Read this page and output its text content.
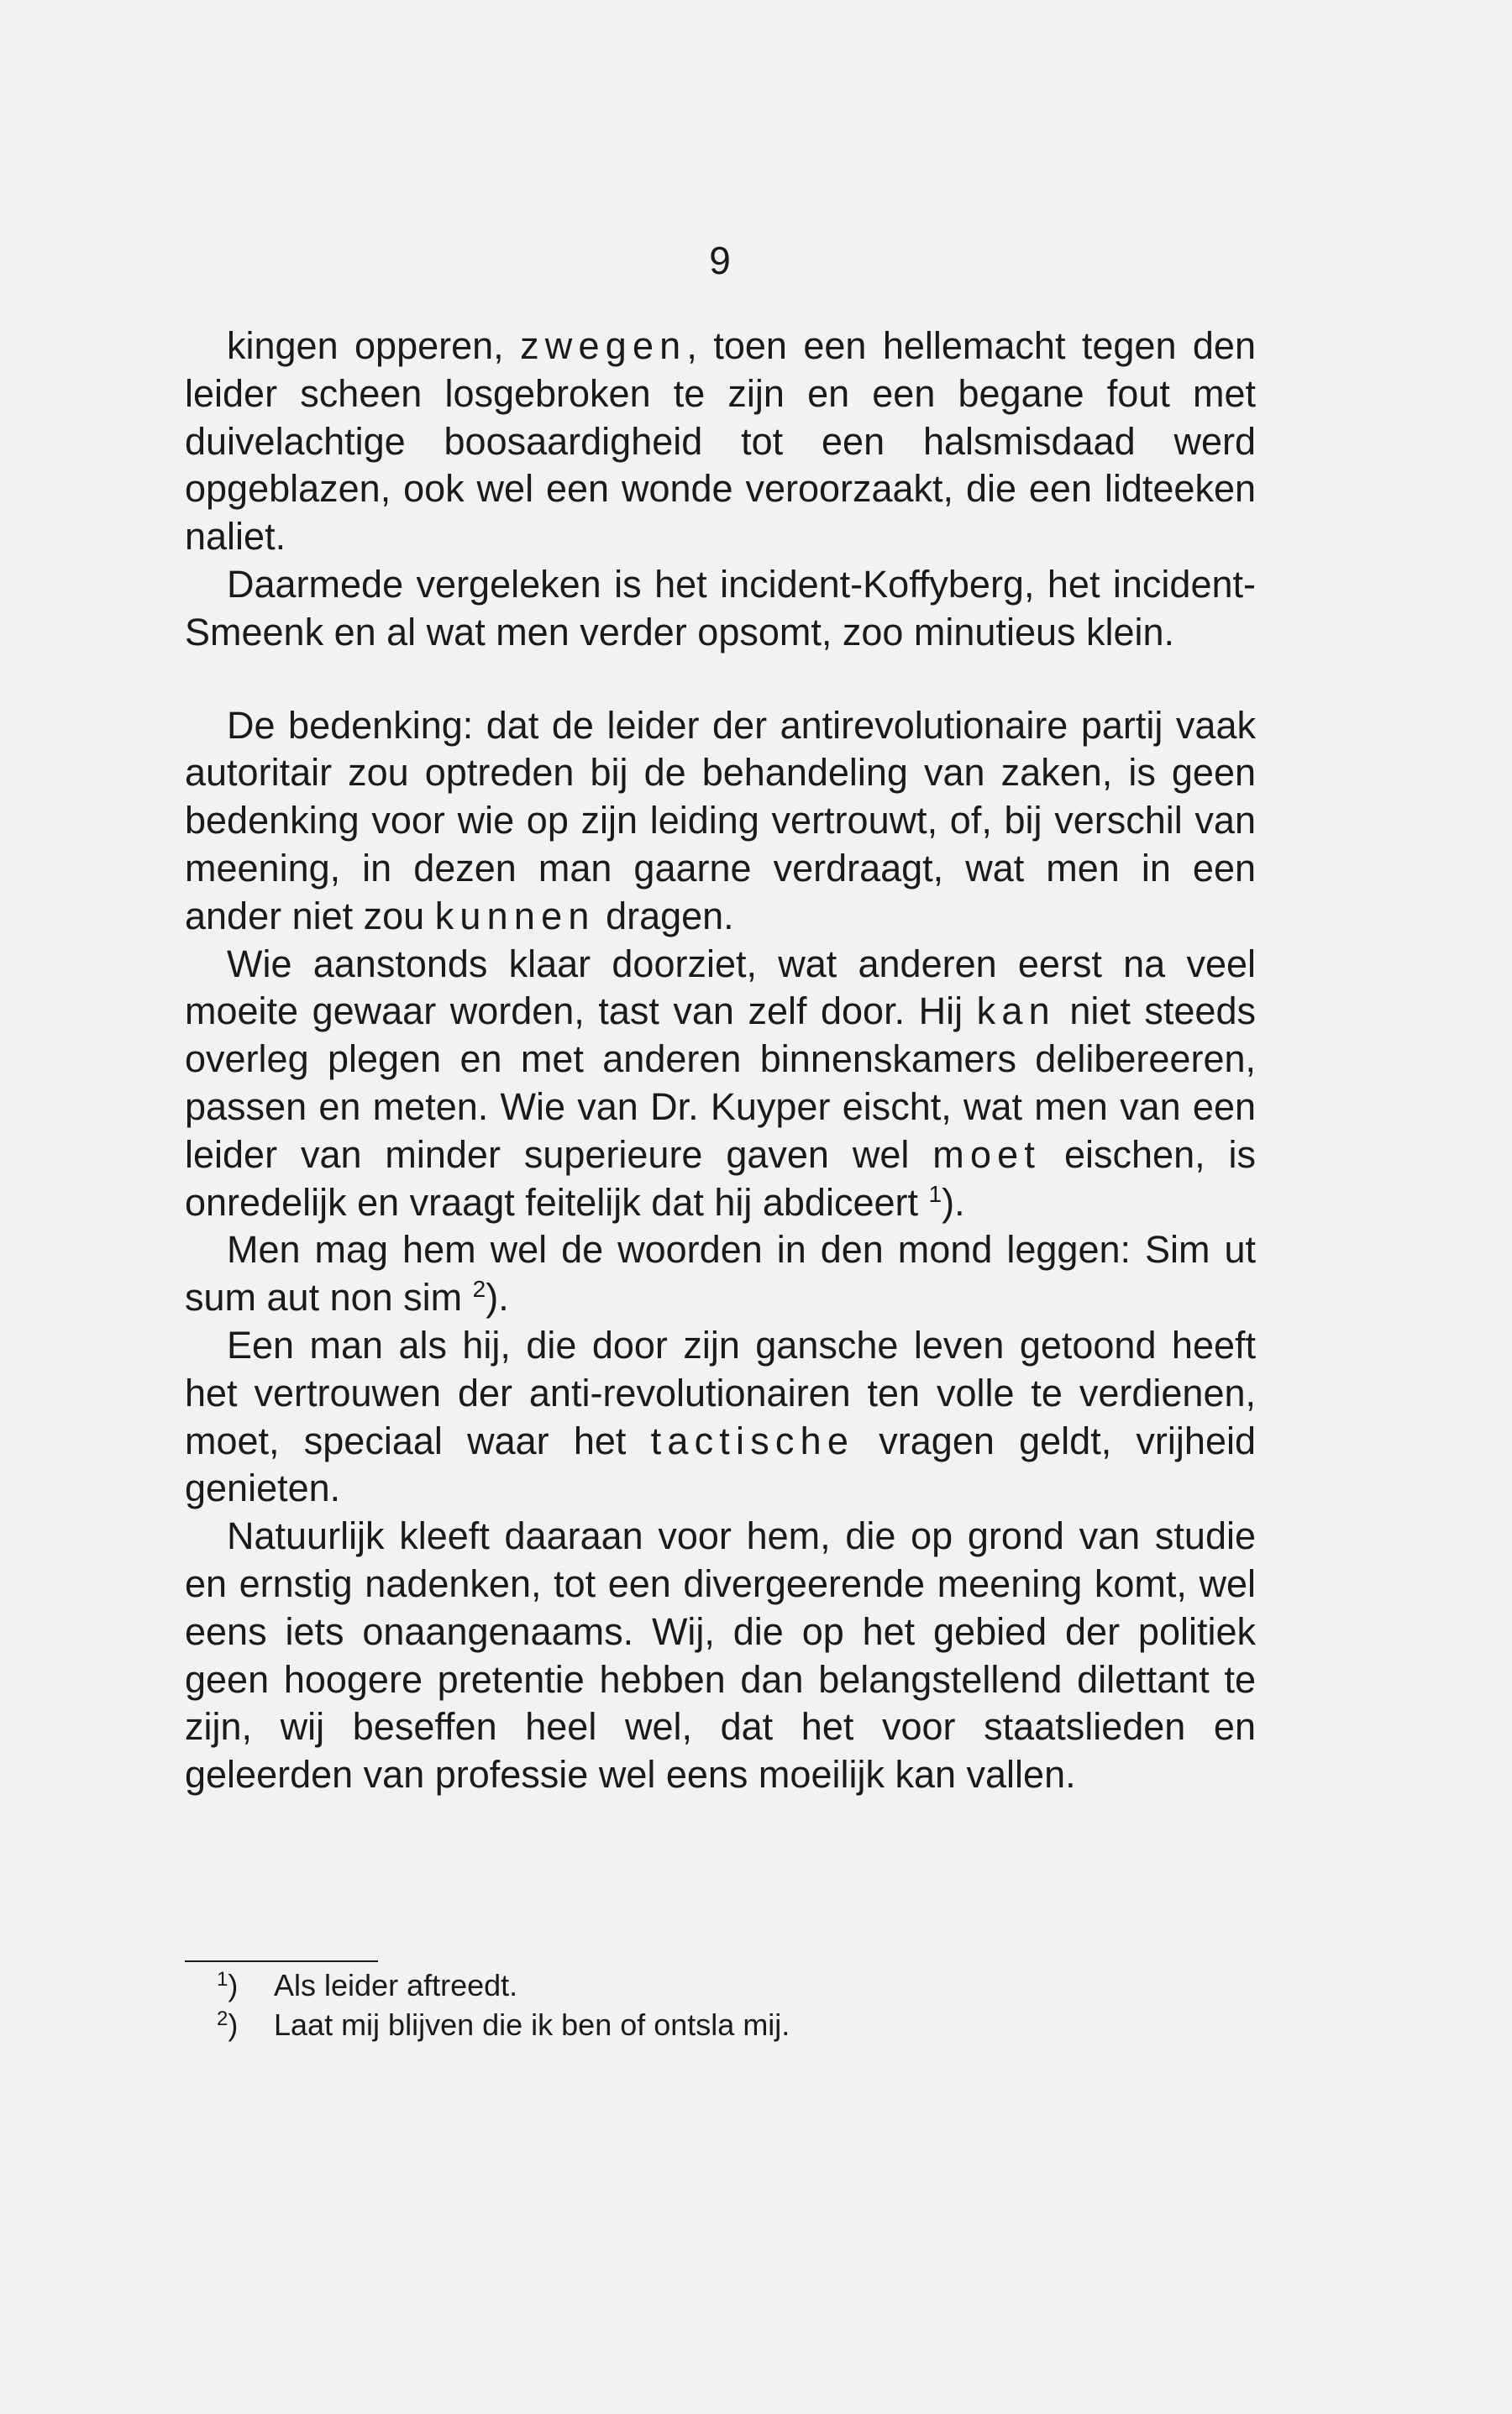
9

kingen opperen, zwegen, toen een hellemacht tegen den leider scheen losgebroken te zijn en een begane fout met duivelachtige boosaardigheid tot een halsmisdaad werd opgeblazen, ook wel een wonde veroorzaakt, die een lidteeken naliet.

Daarmede vergeleken is het incident-Koffyberg, het incident-Smeenk en al wat men verder opsomt, zoo minutieus klein.

De bedenking: dat de leider der antirevolutionaire partij vaak autoritair zou optreden bij de behandeling van zaken, is geen bedenking voor wie op zijn leiding vertrouwt, of, bij verschil van meening, in dezen man gaarne verdraagt, wat men in een ander niet zou kunnen dragen.

Wie aanstonds klaar doorziet, wat anderen eerst na veel moeite gewaar worden, tast van zelf door. Hij kan niet steeds overleg plegen en met anderen binnenskamers delibereeren, passen en meten. Wie van Dr. Kuyper eischt, wat men van een leider van minder superieure gaven wel moet eischen, is onredelijk en vraagt feitelijk dat hij abdiceert $^1$).

Men mag hem wel de woorden in den mond leggen: Sim ut sum aut non sim $^2$).

Een man als hij, die door zijn gansche leven getoond heeft het vertrouwen der anti-revolutionairen ten volle te verdienen, moet, speciaal waar het tactische vragen geldt, vrijheid genieten.

Natuurlijk kleeft daaraan voor hem, die op grond van studie en ernstig nadenken, tot een divergeerende meening komt, wel eens iets onaangenaams. Wij, die op het gebied der politiek geen hoogere pretentie hebben dan belangstellend dilettant te zijn, wij beseffen heel wel, dat het voor staatslieden en geleerden van professie wel eens moeilijk kan vallen.

$^1$)	Als leider aftreedt.
$^2$)	Laat mij blijven die ik ben of ontsla mij.
